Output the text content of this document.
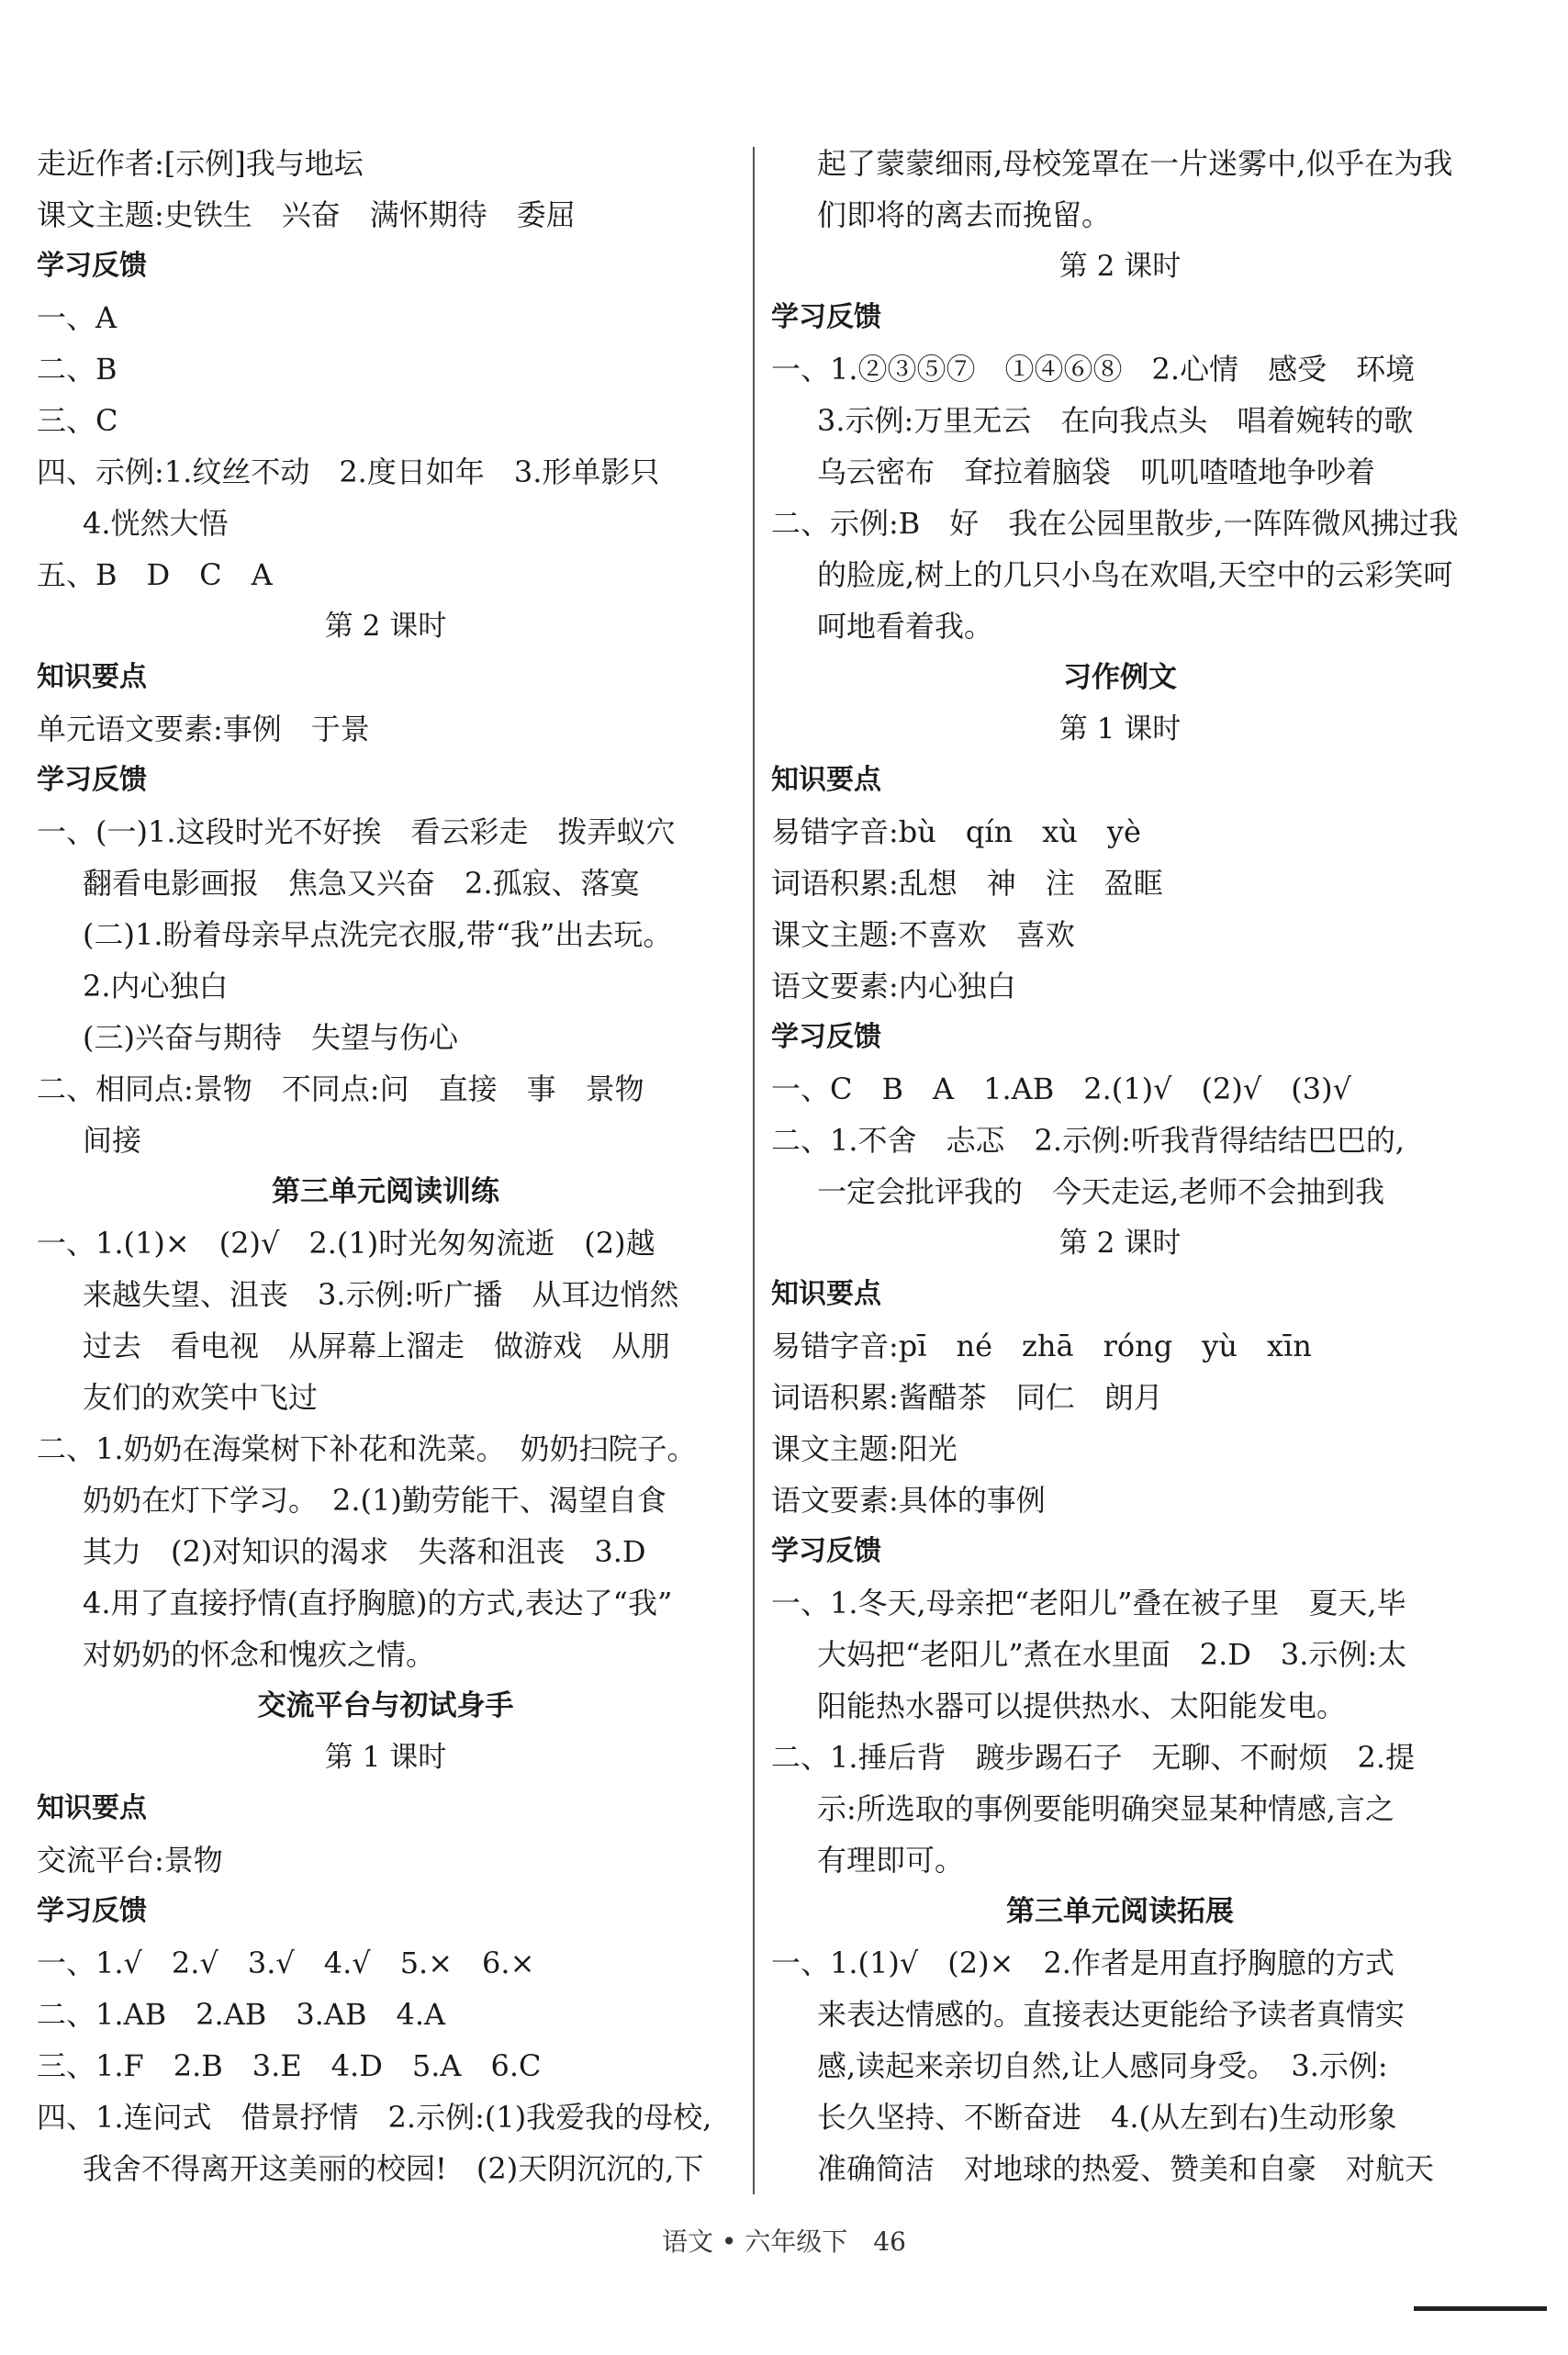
走近作者:[示例]我与地坛
课文主题:史铁生　兴奋　满怀期待　委屈
学习反馈
一、A
二、B
三、C
四、示例:1.纹丝不动　2.度日如年　3.形单影只
4.恍然大悟
五、B　D　C　A
第 2 课时
知识要点
单元语文要素:事例　于景
学习反馈
一、(一)1.这段时光不好挨　看云彩走　拨弄蚁穴
翻看电影画报　焦急又兴奋　2.孤寂、落寞
(二)1.盼着母亲早点洗完衣服,带“我”出去玩。
2.内心独白
(三)兴奋与期待　失望与伤心
二、相同点:景物　不同点:问　直接　事　景物
间接
第三单元阅读训练
一、1.(1)×　(2)√　2.(1)时光匆匆流逝　(2)越
来越失望、沮丧　3.示例:听广播　从耳边悄然
过去　看电视　从屏幕上溜走　做游戏　从朋
友们的欢笑中飞过
二、1.奶奶在海棠树下补花和洗菜。　奶奶扫院子。
奶奶在灯下学习。　2.(1)勤劳能干、渴望自食
其力　(2)对知识的渴求　失落和沮丧　3.D
4.用了直接抒情(直抒胸臆)的方式,表达了“我”
对奶奶的怀念和愧疚之情。
交流平台与初试身手
第 1 课时
知识要点
交流平台:景物
学习反馈
一、1.√　2.√　3.√　4.√　5.×　6.×
二、1.AB　2.AB　3.AB　4.A
三、1.F　2.B　3.E　4.D　5.A　6.C
四、1.连问式　借景抒情　2.示例:(1)我爱我的母校,
我舍不得离开这美丽的校园!　(2)天阴沉沉的,下
起了蒙蒙细雨,母校笼罩在一片迷雾中,似乎在为我
们即将的离去而挽留。
第 2 课时
学习反馈
一、1.②③⑤⑦　①④⑥⑧　2.心情　感受　环境
3.示例:万里无云　在向我点头　唱着婉转的歌
乌云密布　耷拉着脑袋　叽叽喳喳地争吵着
二、示例:B　好　我在公园里散步,一阵阵微风拂过我
的脸庞,树上的几只小鸟在欢唱,天空中的云彩笑呵
呵地看着我。
习作例文
第 1 课时
知识要点
易错字音:bù　qín　xù　yè
词语积累:乱想　神　注　盈眶
课文主题:不喜欢　喜欢
语文要素:内心独白
学习反馈
一、C　B　A　1.AB　2.(1)√　(2)√　(3)√
二、1.不舍　忐忑　2.示例:听我背得结结巴巴的,
一定会批评我的　今天走运,老师不会抽到我
第 2 课时
知识要点
易错字音:pī　né　zhā　róng　yù　xīn
词语积累:酱醋茶　同仁　朗月
课文主题:阳光
语文要素:具体的事例
学习反馈
一、1.冬天,母亲把“老阳儿”叠在被子里　夏天,毕
大妈把“老阳儿”煮在水里面　2.D　3.示例:太
阳能热水器可以提供热水、太阳能发电。
二、1.捶后背　踱步踢石子　无聊、不耐烦　2.提
示:所选取的事例要能明确突显某种情感,言之
有理即可。
第三单元阅读拓展
一、1.(1)√　(2)×　2.作者是用直抒胸臆的方式
来表达情感的。直接表达更能给予读者真情实
感,读起来亲切自然,让人感同身受。　3.示例:
长久坚持、不断奋进　4.(从左到右)生动形象
准确简洁　对地球的热爱、赞美和自豪　对航天
语文 • 六年级下　46
